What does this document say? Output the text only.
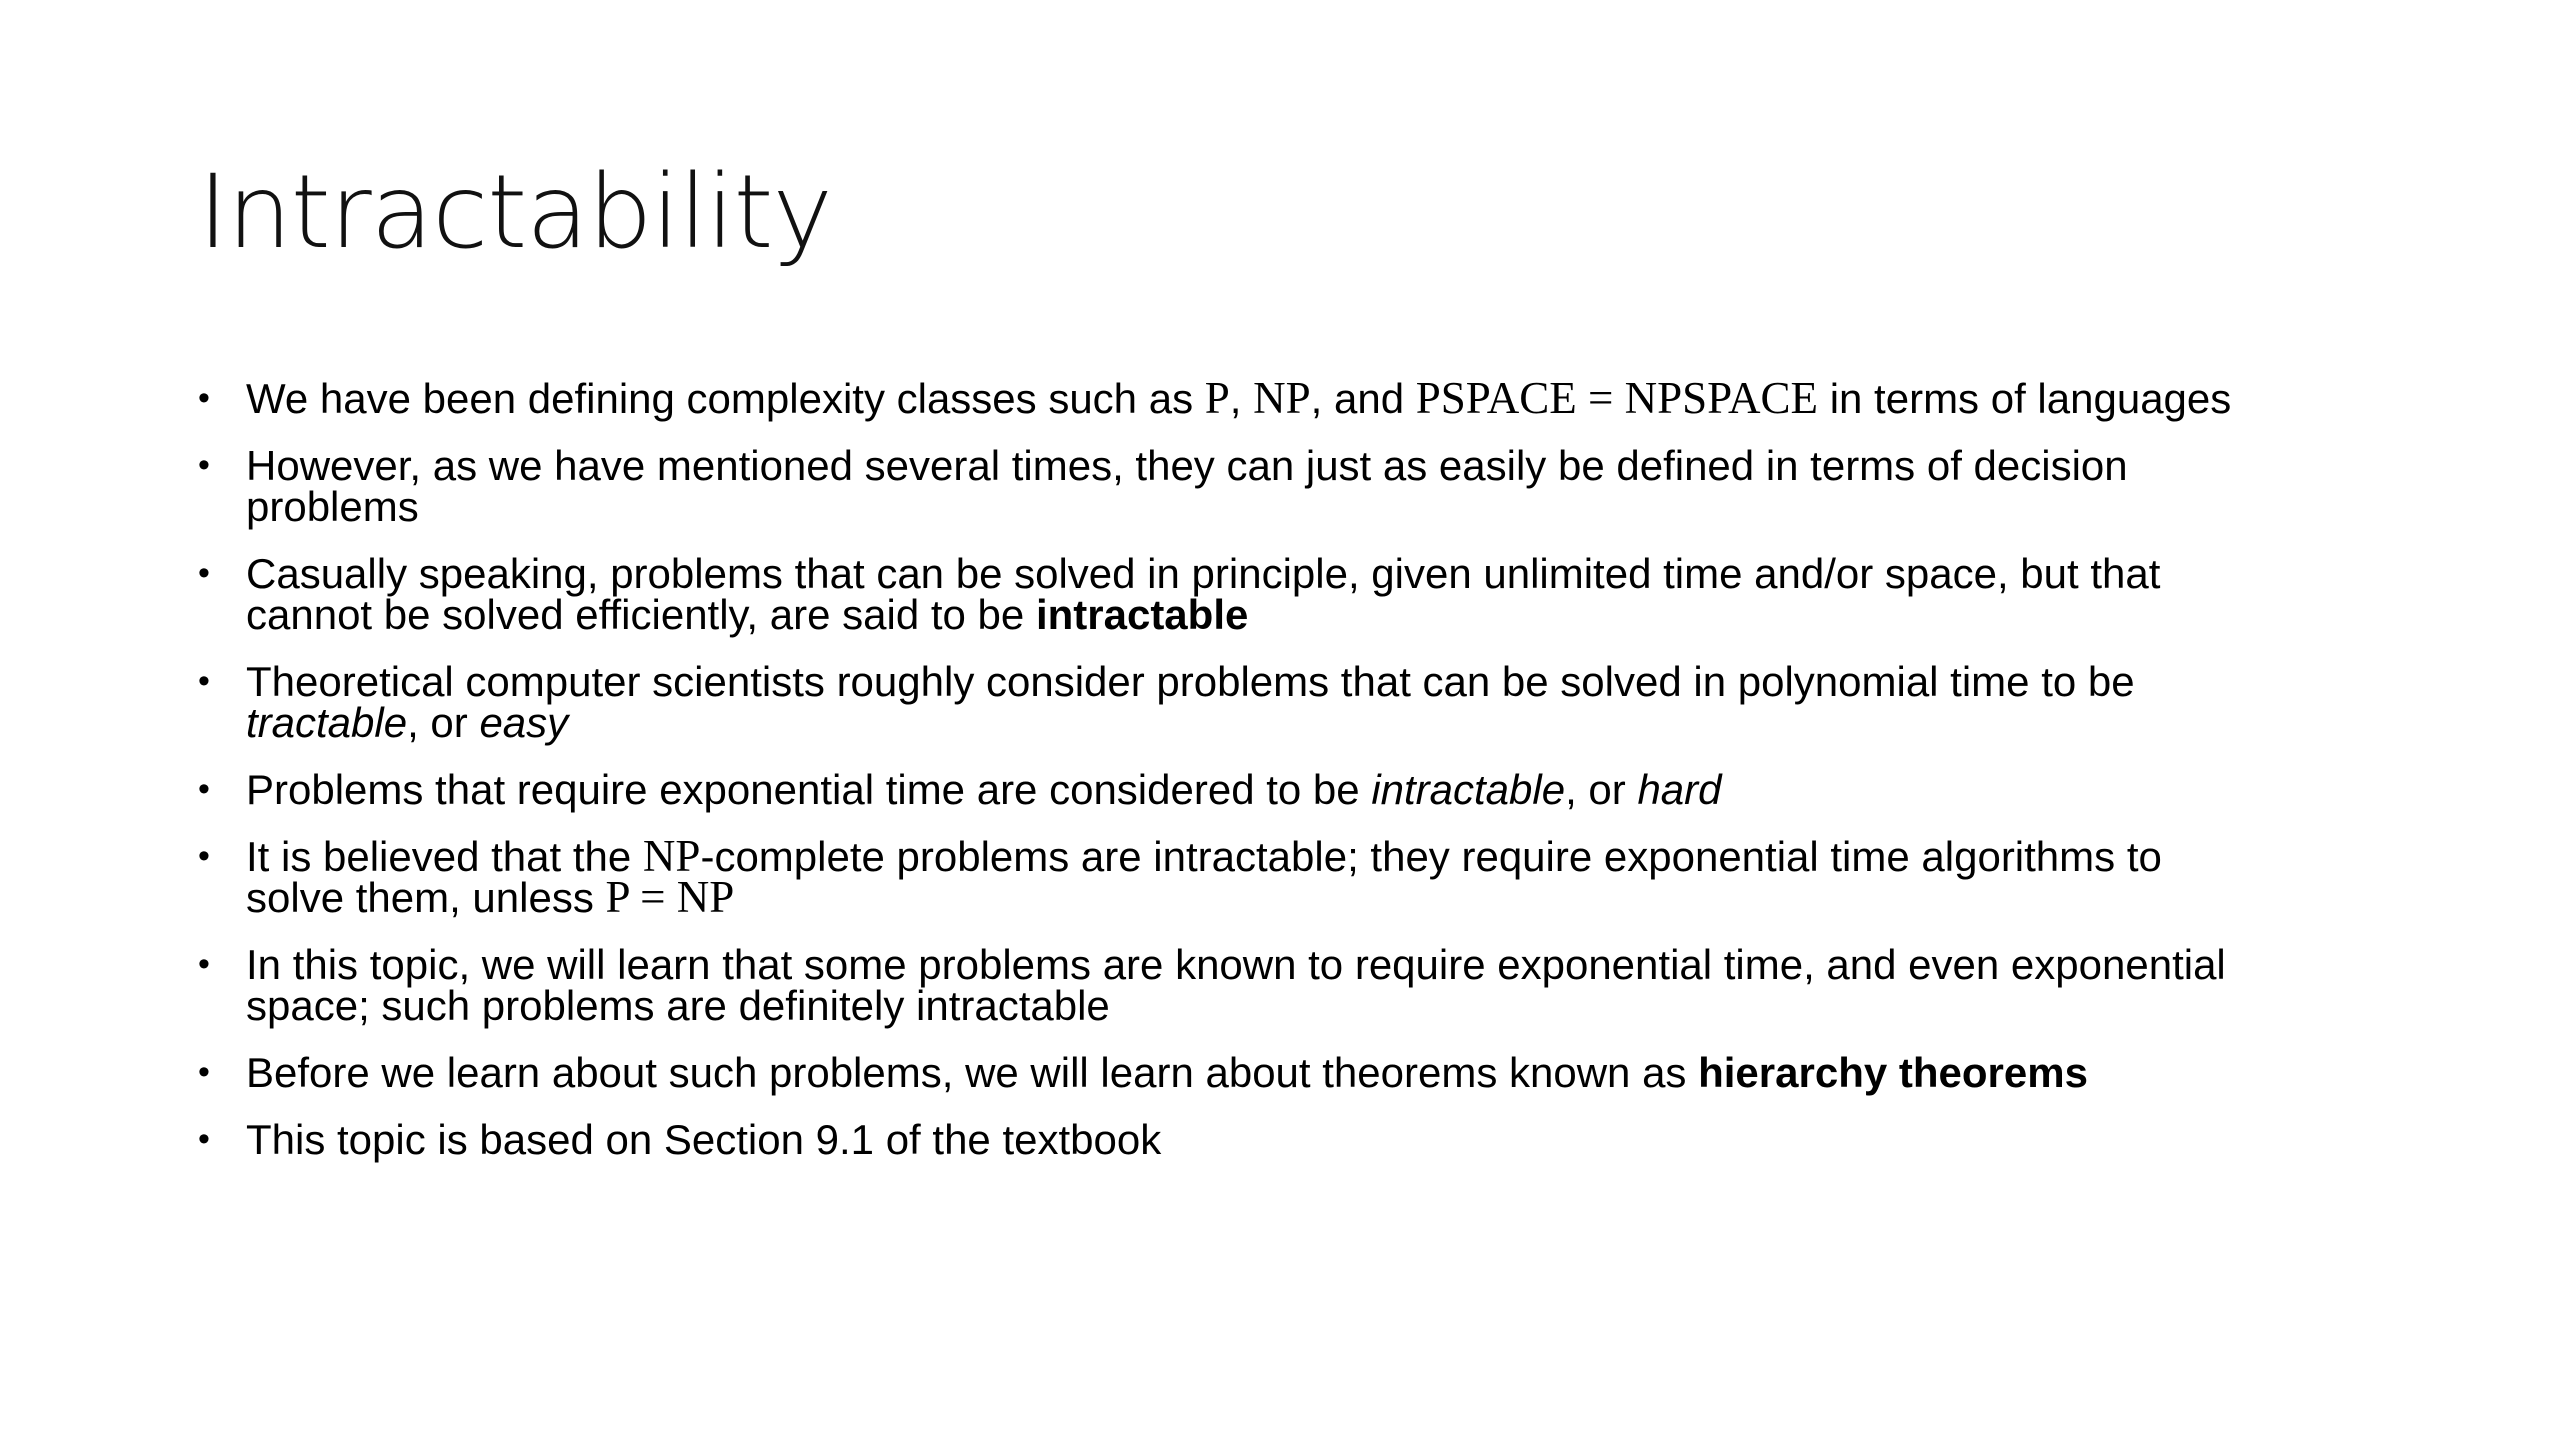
Intractability
• We have been defining complexity classes such as P, NP, and PSPACE = NPSPACE in terms of languages
• However, as we have mentioned several times, they can just as easily be defined in terms of decision
problems
• Casually speaking, problems that can be solved in principle, given unlimited time and/or space, but that
cannot be solved efficiently, are said to be intractable
• Theoretical computer scientists roughly consider problems that can be solved in polynomial time to be
tractable, or easy
• Problems that require exponential time are considered to be intractable, or hard
• It is believed that the NP-complete problems are intractable; they require exponential time algorithms to
solve them, unless P = NP
• In this topic, we will learn that some problems are known to require exponential time, and even exponential
space; such problems are definitely intractable
• Before we learn about such problems, we will learn about theorems known as hierarchy theorems
• This topic is based on Section 9.1 of the textbook
